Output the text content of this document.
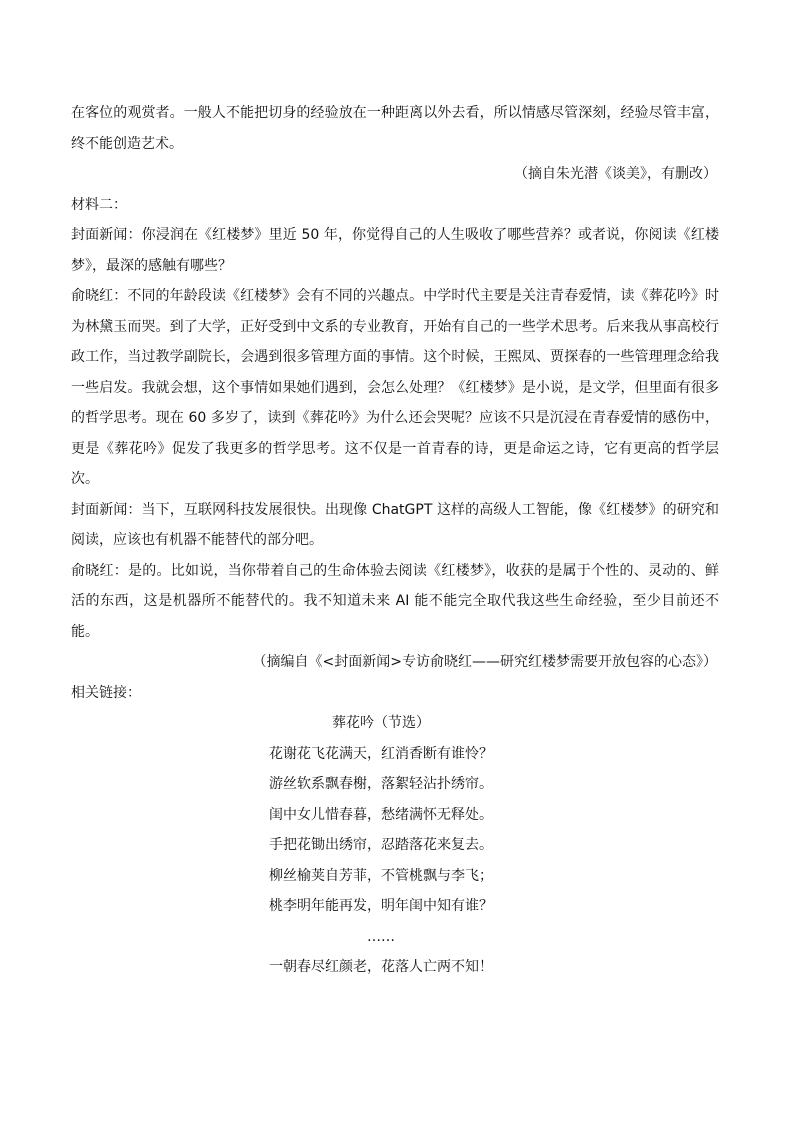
在客位的观赏者。一般人不能把切身的经验放在一种距离以外去看，所以情感尽管深刻，经验尽管丰富，终不能创造艺术。

（摘自朱光潜《谈美》，有删改）

材料二：

封面新闻：你浸润在《红楼梦》里近 50 年，你觉得自己的人生吸收了哪些营养？或者说，你阅读《红楼梦》，最深的感触有哪些？

俞晓红：不同的年龄段读《红楼梦》会有不同的兴趣点。中学时代主要是关注青春爱情，读《葬花吟》时为林黛玉而哭。到了大学，正好受到中文系的专业教育，开始有自己的一些学术思考。后来我从事高校行政工作，当过教学副院长，会遇到很多管理方面的事情。这个时候，王熙凤、贾探春的一些管理理念给我一些启发。我就会想，这个事情如果她们遇到，会怎么处理？《红楼梦》是小说，是文学，但里面有很多的哲学思考。现在 60 多岁了，读到《葬花吟》为什么还会哭呢？应该不只是沉浸在青春爱情的感伤中，更是《葬花吟》促发了我更多的哲学思考。这不仅是一首青春的诗，更是命运之诗，它有更高的哲学层次。

封面新闻：当下，互联网科技发展很快。出现像 ChatGPT 这样的高级人工智能，像《红楼梦》的研究和阅读，应该也有机器不能替代的部分吧。

俞晓红：是的。比如说，当你带着自己的生命体验去阅读《红楼梦》，收获的是属于个性的、灵动的、鲜活的东西，这是机器所不能替代的。我不知道未来 AI 能不能完全取代我这些生命经验，至少目前还不能。

（摘编自《<封面新闻>专访俞晓红——研究红楼梦需要开放包容的心态》）

相关链接：

葬花吟（节选）
花谢花飞花满天，红消香断有谁怜？
游丝软系飘春榭，落絮轻沾扑绣帘。
闺中女儿惜春暮，愁绪满怀无释处。
手把花锄出绣帘，忍踏落花来复去。
柳丝榆荚自芳菲，不管桃飘与李飞；
桃李明年能再发，明年闺中知有谁？
……
一朝春尽红颜老，花落人亡两不知！
